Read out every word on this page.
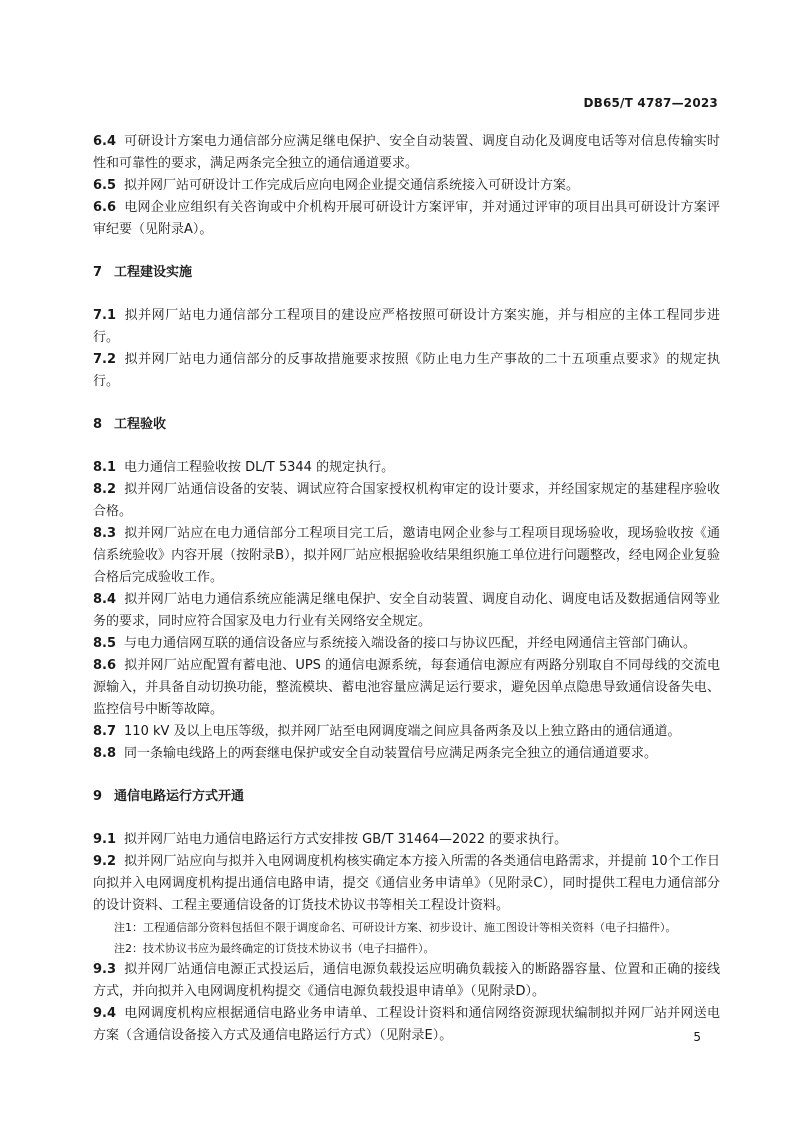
DB65/T 4787—2023

6.4 可研设计方案电力通信部分应满足继电保护、安全自动装置、调度自动化及调度电话等对信息传输实时性和可靠性的要求，满足两条完全独立的通信通道要求。

6.5 拟并网厂站可研设计工作完成后应向电网企业提交通信系统接入可研设计方案。

6.6 电网企业应组织有关咨询或中介机构开展可研设计方案评审，并对通过评审的项目出具可研设计方案评审纪要（见附录A）。

7 工程建设实施

7.1 拟并网厂站电力通信部分工程项目的建设应严格按照可研设计方案实施，并与相应的主体工程同步进行。

7.2 拟并网厂站电力通信部分的反事故措施要求按照《防止电力生产事故的二十五项重点要求》的规定执行。

8 工程验收

8.1 电力通信工程验收按 DL/T 5344 的规定执行。

8.2 拟并网厂站通信设备的安装、调试应符合国家授权机构审定的设计要求，并经国家规定的基建程序验收合格。

8.3 拟并网厂站应在电力通信部分工程项目完工后，邀请电网企业参与工程项目现场验收，现场验收按《通信系统验收》内容开展（按附录B），拟并网厂站应根据验收结果组织施工单位进行问题整改，经电网企业复验合格后完成验收工作。

8.4 拟并网厂站电力通信系统应能满足继电保护、安全自动装置、调度自动化、调度电话及数据通信网等业务的要求，同时应符合国家及电力行业有关网络安全规定。

8.5 与电力通信网互联的通信设备应与系统接入端设备的接口与协议匹配，并经电网通信主管部门确认。

8.6 拟并网厂站应配置有蓄电池、UPS 的通信电源系统，每套通信电源应有两路分别取自不同母线的交流电源输入，并具备自动切换功能，整流模块、蓄电池容量应满足运行要求，避免因单点隐患导致通信设备失电、监控信号中断等故障。

8.7 110 kV 及以上电压等级，拟并网厂站至电网调度端之间应具备两条及以上独立路由的通信通道。

8.8 同一条输电线路上的两套继电保护或安全自动装置信号应满足两条完全独立的通信通道要求。

9 通信电路运行方式开通

9.1 拟并网厂站电力通信电路运行方式安排按 GB/T 31464—2022 的要求执行。

9.2 拟并网厂站应向与拟并入电网调度机构核实确定本方接入所需的各类通信电路需求，并提前 10个工作日向拟并入电网调度机构提出通信电路申请，提交《通信业务申请单》（见附录C），同时提供工程电力通信部分的设计资料、工程主要通信设备的订货技术协议书等相关工程设计资料。

注1：工程通信部分资料包括但不限于调度命名、可研设计方案、初步设计、施工图设计等相关资料（电子扫描件）。

注2：技术协议书应为最终确定的订货技术协议书（电子扫描件）。

9.3 拟并网厂站通信电源正式投运后，通信电源负载投运应明确负载接入的断路器容量、位置和正确的接线方式，并向拟并入电网调度机构提交《通信电源负载投退申请单》（见附录D）。

9.4 电网调度机构应根据通信电路业务申请单、工程设计资料和通信网络资源现状编制拟并网厂站并网送电方案（含通信设备接入方式及通信电路运行方式）（见附录E）。	5
